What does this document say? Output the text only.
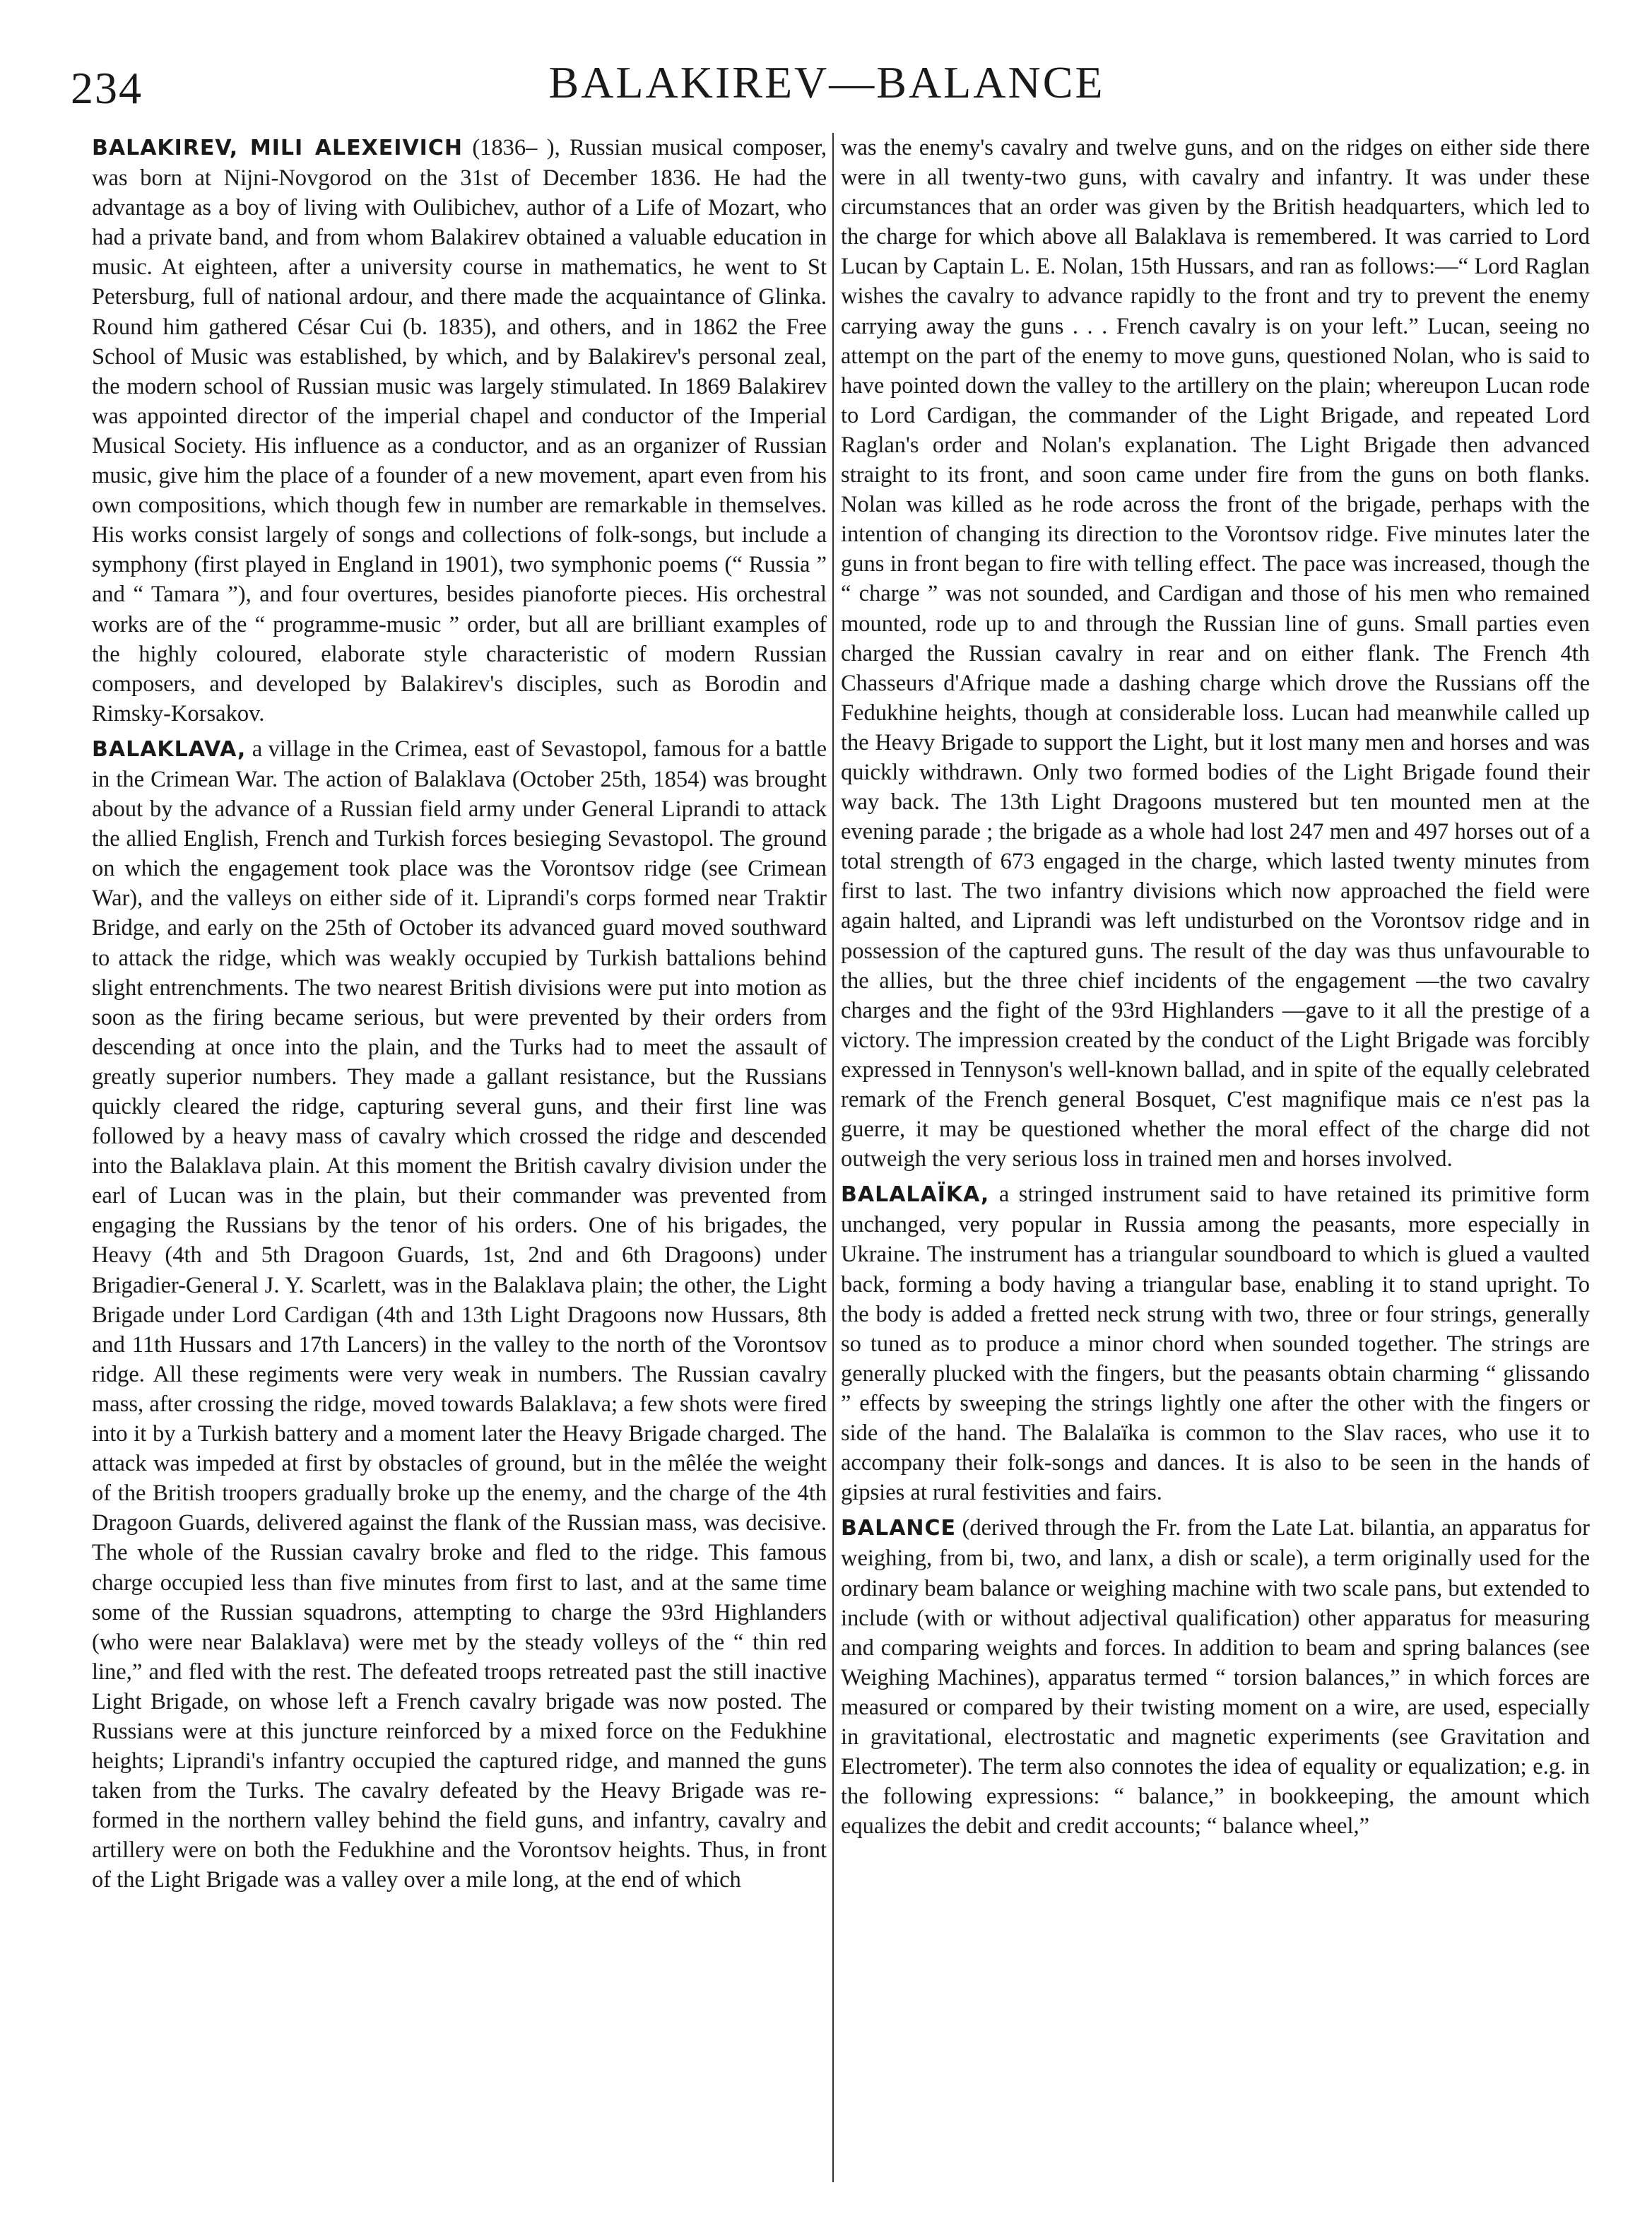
234	BALAKIREV—BALANCE

BALAKIREV, MILI ALEXEIVICH (1836– ), Russian musical composer, was born at Nijni-Novgorod on the 31st of December 1836. He had the advantage as a boy of living with Oulibichev, author of a Life of Mozart, who had a private band, and from whom Balakirev obtained a valuable education in music. At eighteen, after a university course in mathematics, he went to St Petersburg, full of national ardour, and there made the acquaintance of Glinka. Round him gathered César Cui (b. 1835), and others, and in 1862 the Free School of Music was established, by which, and by Balakirev's personal zeal, the modern school of Russian music was largely stimulated. In 1869 Balakirev was appointed director of the imperial chapel and conductor of the Imperial Musical Society. His influence as a conductor, and as an organizer of Russian music, give him the place of a founder of a new movement, apart even from his own compositions, which though few in number are remarkable in themselves. His works consist largely of songs and collections of folk-songs, but include a symphony (first played in England in 1901), two symphonic poems (“ Russia ” and “ Tamara ”), and four overtures, besides pianoforte pieces. His orchestral works are of the “ programme-music ” order, but all are brilliant examples of the highly coloured, elaborate style characteristic of modern Russian composers, and developed by Balakirev's disciples, such as Borodin and Rimsky-Korsakov.

BALAKLAVA, a village in the Crimea, east of Sevastopol, famous for a battle in the Crimean War. The action of Balaklava (October 25th, 1854) was brought about by the advance of a Russian field army under General Liprandi to attack the allied English, French and Turkish forces besieging Sevastopol. The ground on which the engagement took place was the Vorontsov ridge (see Crimean War), and the valleys on either side of it. Liprandi's corps formed near Traktir Bridge, and early on the 25th of October its advanced guard moved southward to attack the ridge, which was weakly occupied by Turkish battalions behind slight entrenchments. The two nearest British divisions were put into motion as soon as the firing became serious, but were prevented by their orders from descending at once into the plain, and the Turks had to meet the assault of greatly superior numbers. They made a gallant resistance, but the Russians quickly cleared the ridge, capturing several guns, and their first line was followed by a heavy mass of cavalry which crossed the ridge and descended into the Balaklava plain. At this moment the British cavalry division under the earl of Lucan was in the plain, but their commander was prevented from engaging the Russians by the tenor of his orders. One of his brigades, the Heavy (4th and 5th Dragoon Guards, 1st, 2nd and 6th Dragoons) under Brigadier-General J. Y. Scarlett, was in the Balaklava plain; the other, the Light Brigade under Lord Cardigan (4th and 13th Light Dragoons now Hussars, 8th and 11th Hussars and 17th Lancers) in the valley to the north of the Vorontsov ridge. All these regiments were very weak in numbers. The Russian cavalry mass, after crossing the ridge, moved towards Balaklava; a few shots were fired into it by a Turkish battery and a moment later the Heavy Brigade charged. The attack was impeded at first by obstacles of ground, but in the mêlée the weight of the British troopers gradually broke up the enemy, and the charge of the 4th Dragoon Guards, delivered against the flank of the Russian mass, was decisive. The whole of the Russian cavalry broke and fled to the ridge. This famous charge occupied less than five minutes from first to last, and at the same time some of the Russian squadrons, attempting to charge the 93rd Highlanders (who were near Balaklava) were met by the steady volleys of the “ thin red line,” and fled with the rest. The defeated troops retreated past the still inactive Light Brigade, on whose left a French cavalry brigade was now posted. The Russians were at this juncture reinforced by a mixed force on the Fedukhine heights; Liprandi's infantry occupied the captured ridge, and manned the guns taken from the Turks. The cavalry defeated by the Heavy Brigade was re-formed in the northern valley behind the field guns, and infantry, cavalry and artillery were on both the Fedukhine and the Vorontsov heights. Thus, in front of the Light Brigade was a valley over a mile long, at the end of which

was the enemy's cavalry and twelve guns, and on the ridges on either side there were in all twenty-two guns, with cavalry and infantry. It was under these circumstances that an order was given by the British headquarters, which led to the charge for which above all Balaklava is remembered. It was carried to Lord Lucan by Captain L. E. Nolan, 15th Hussars, and ran as follows:—“ Lord Raglan wishes the cavalry to advance rapidly to the front and try to prevent the enemy carrying away the guns . . . French cavalry is on your left.” Lucan, seeing no attempt on the part of the enemy to move guns, questioned Nolan, who is said to have pointed down the valley to the artillery on the plain; whereupon Lucan rode to Lord Cardigan, the commander of the Light Brigade, and repeated Lord Raglan's order and Nolan's explanation. The Light Brigade then advanced straight to its front, and soon came under fire from the guns on both flanks. Nolan was killed as he rode across the front of the brigade, perhaps with the intention of changing its direction to the Vorontsov ridge. Five minutes later the guns in front began to fire with telling effect. The pace was increased, though the “ charge ” was not sounded, and Cardigan and those of his men who remained mounted, rode up to and through the Russian line of guns. Small parties even charged the Russian cavalry in rear and on either flank. The French 4th Chasseurs d'Afrique made a dashing charge which drove the Russians off the Fedukhine heights, though at considerable loss. Lucan had meanwhile called up the Heavy Brigade to support the Light, but it lost many men and horses and was quickly withdrawn. Only two formed bodies of the Light Brigade found their way back. The 13th Light Dragoons mustered but ten mounted men at the evening parade ; the brigade as a whole had lost 247 men and 497 horses out of a total strength of 673 engaged in the charge, which lasted twenty minutes from first to last. The two infantry divisions which now approached the field were again halted, and Liprandi was left undisturbed on the Vorontsov ridge and in possession of the captured guns. The result of the day was thus unfavourable to the allies, but the three chief incidents of the engagement —the two cavalry charges and the fight of the 93rd Highlanders —gave to it all the prestige of a victory. The impression created by the conduct of the Light Brigade was forcibly expressed in Tennyson's well-known ballad, and in spite of the equally celebrated remark of the French general Bosquet, C'est magnifique mais ce n'est pas la guerre, it may be questioned whether the moral effect of the charge did not outweigh the very serious loss in trained men and horses involved.

BALALAÏKA, a stringed instrument said to have retained its primitive form unchanged, very popular in Russia among the peasants, more especially in Ukraine. The instrument has a triangular soundboard to which is glued a vaulted back, forming a body having a triangular base, enabling it to stand upright. To the body is added a fretted neck strung with two, three or four strings, generally so tuned as to produce a minor chord when sounded together. The strings are generally plucked with the fingers, but the peasants obtain charming “ glissando ” effects by sweeping the strings lightly one after the other with the fingers or side of the hand. The Balalaïka is common to the Slav races, who use it to accompany their folk-songs and dances. It is also to be seen in the hands of gipsies at rural festivities and fairs.

BALANCE (derived through the Fr. from the Late Lat. bilantia, an apparatus for weighing, from bi, two, and lanx, a dish or scale), a term originally used for the ordinary beam balance or weighing machine with two scale pans, but extended to include (with or without adjectival qualification) other apparatus for measuring and comparing weights and forces. In addition to beam and spring balances (see Weighing Machines), apparatus termed “ torsion balances,” in which forces are measured or compared by their twisting moment on a wire, are used, especially in gravitational, electrostatic and magnetic experiments (see Gravitation and Electrometer). The term also connotes the idea of equality or equalization; e.g. in the following expressions: “ balance,” in bookkeeping, the amount which equalizes the debit and credit accounts; “ balance wheel,”
